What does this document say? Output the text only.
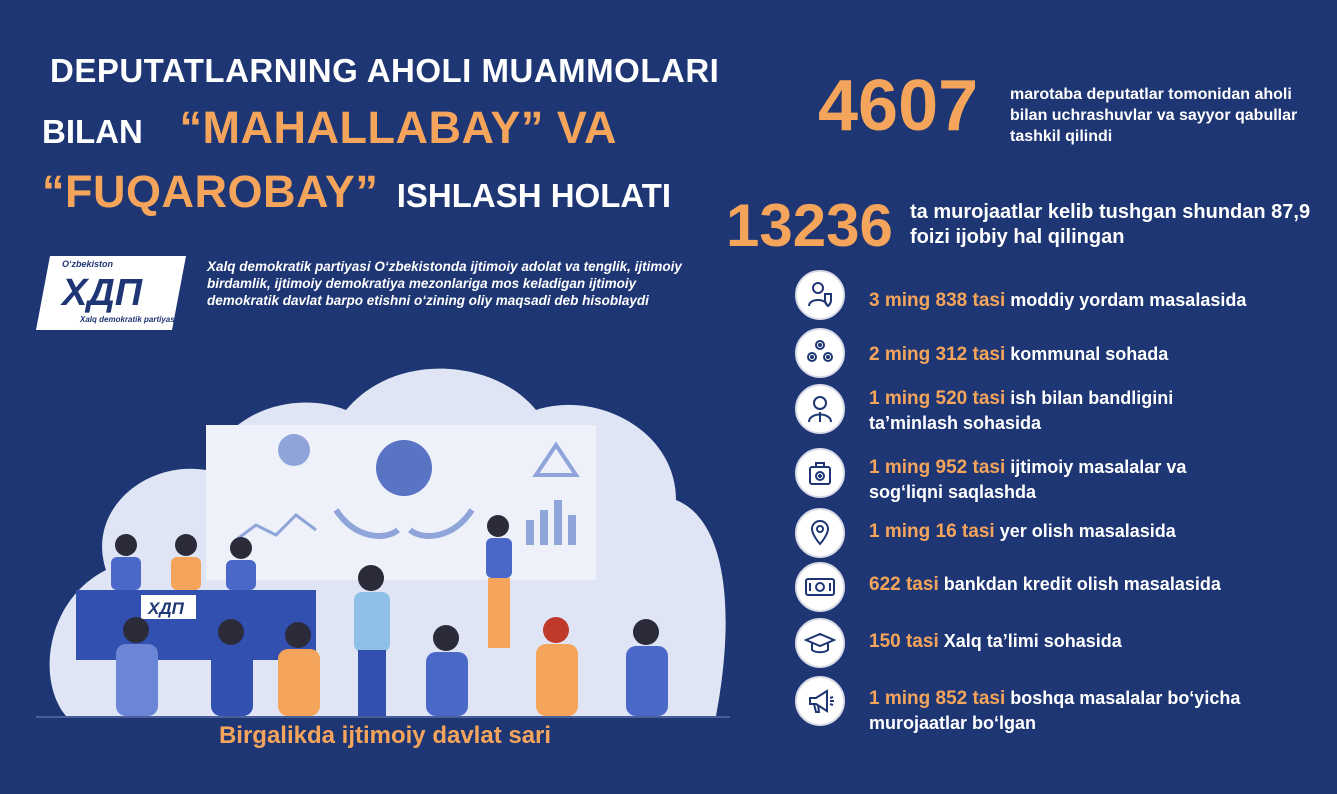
DEPUTATLARNING AHOLI MUAMMOLARI
BILAN “MAHALLABAY” VA
“FUQAROBAY” ISHLASH HOLATI
O‘zbekiston
ХДП
Xalq demokratik partiyasi
Xalq demokratik partiyasi O‘zbekistonda ijtimoiy adolat va tenglik, ijtimoiy birdamlik, ijtimoiy demokratiya mezonlariga mos keladigan ijtimoiy demokratik davlat barpo etishni o‘zining oliy maqsadi deb hisoblaydi
ХДП
Birgalikda ijtimoiy davlat sari
4607 marotaba deputatlar tomonidan aholi bilan uchrashuvlar va sayyor qabullar tashkil qilindi
13236 ta murojaatlar kelib tushgan shundan 87,9 foizi ijobiy hal qilingan
3 ming 838 tasi moddiy yordam masalasida
2 ming 312 tasi kommunal sohada
1 ming 520 tasi ish bilan bandligini
ta’minlash sohasida
1 ming 952 tasi ijtimoiy masalalar va
sog‘liqni saqlashda
1 ming 16 tasi yer olish masalasida
622 tasi bankdan kredit olish masalasida
150 tasi Xalq ta’limi sohasida
1 ming 852 tasi boshqa masalalar bo‘yicha
murojaatlar bo‘lgan
